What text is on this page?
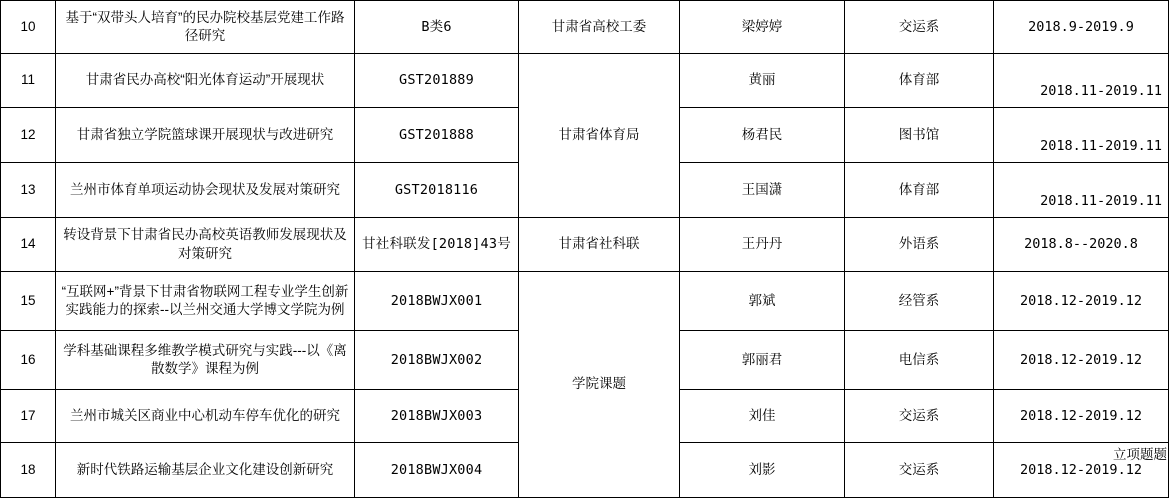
10	基于“双带头人培育”的民办院校基层党建工作路径研究	B类6	甘肃省高校工委	梁婷婷	交运系	2018.9-2019.9
11	甘肃省民办高校“阳光体育运动”开展现状	GST201889	甘肃省体育局	黄丽	体育部	2018.11-2019.11

12	甘肃省独立学院篮球课开展现状与改进研究	GST201888		杨君民	图书馆	2018.11-2019.11

13	兰州市体育单项运动协会现状及发展对策研究	GST2018116		王国潇	体育部	2018.11-2019.11

14	转设背景下甘肃省民办高校英语教师发展现状及对策研究	甘社科联发[2018]43号	甘肃省社科联	王丹丹	外语系	2018.8--2020.8
15	“互联网+”背景下甘肃省物联网工程专业学生创新实践能力的探索--以兰州交通大学博文学院为例	2018BWJX001	学院课题	郭斌	经管系	2018.12-2019.12
16	学科基础课程多维教学模式研究与实践---以《离散数学》课程为例	2018BWJX002		郭丽君	电信系	2018.12-2019.12
17	兰州市城关区商业中心机动车停车优化的研究	2018BWJX003		刘佳	交运系	2018.12-2019.12
18	新时代铁路运输基层企业文化建设创新研究	2018BWJX004		刘影	交运系	2018.12-2019.12
立项题题
